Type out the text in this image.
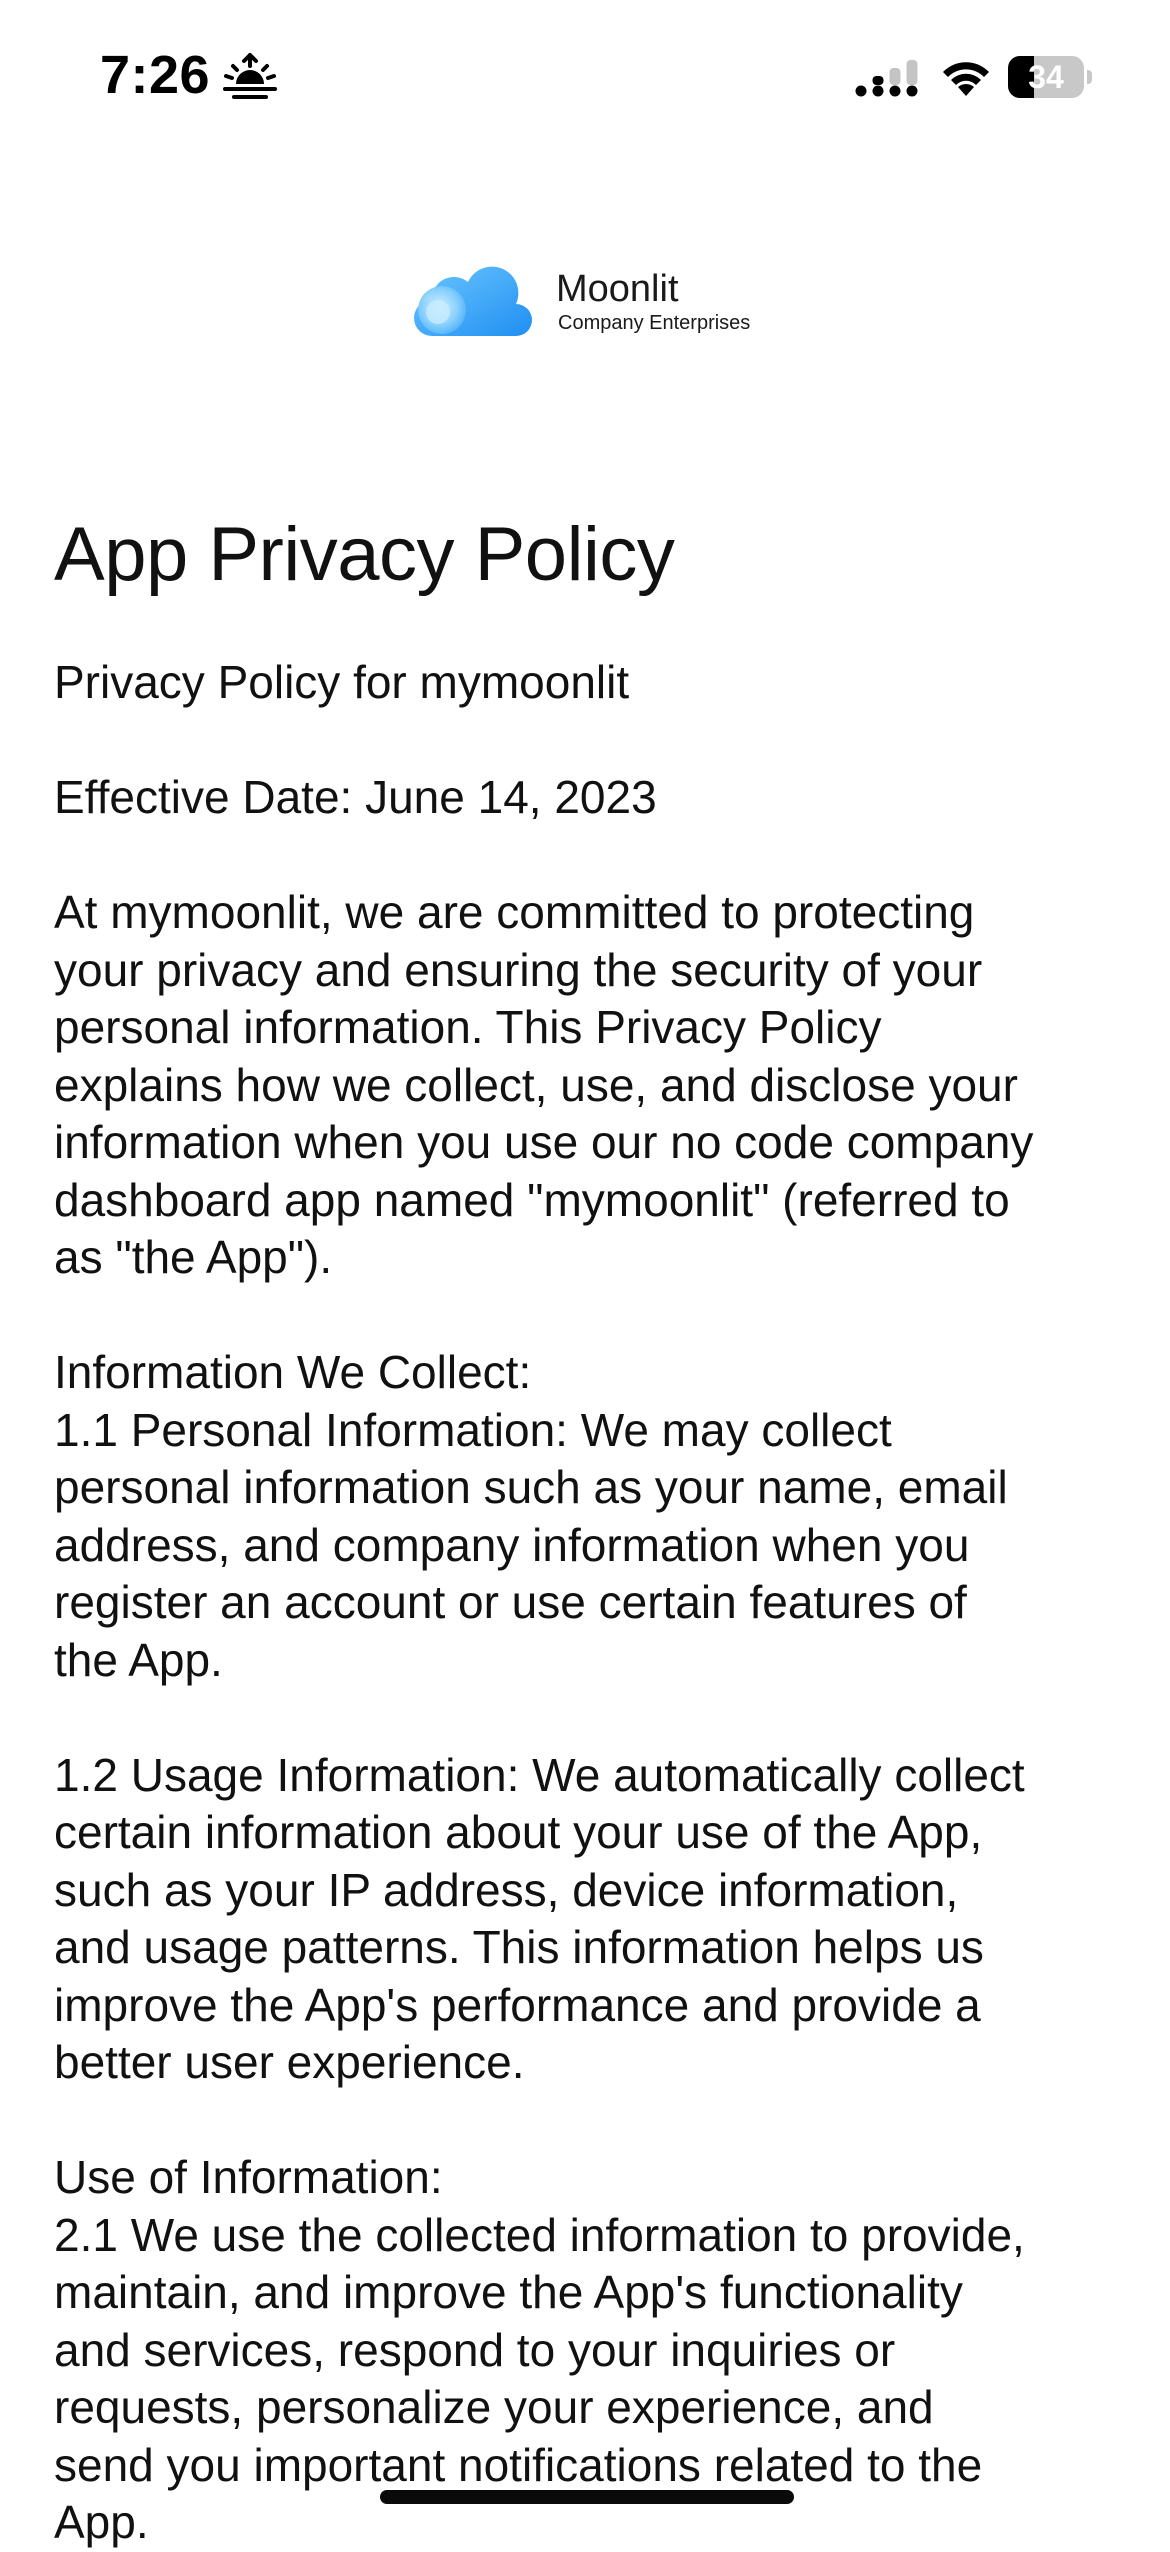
7:26	34
Moonlit
Company Enterprises
App Privacy Policy

Privacy Policy for mymoonlit

Effective Date: June 14, 2023

At mymoonlit, we are committed to protecting
your privacy and ensuring the security of your
personal information. This Privacy Policy
explains how we collect, use, and disclose your
information when you use our no code company
dashboard app named "mymoonlit" (referred to
as "the App").

Information We Collect:

1.1 Personal Information: We may collect
personal information such as your name, email
address, and company information when you
register an account or use certain features of
the App.

1.2 Usage Information: We automatically collect
certain information about your use of the App,
such as your IP address, device information,
and usage patterns. This information helps us
improve the App's performance and provide a
better user experience.

Use of Information:

2.1 We use the collected information to provide,
maintain, and improve the App's functionality
and services, respond to your inquiries or
requests, personalize your experience, and
send you important notifications related to the
App.
